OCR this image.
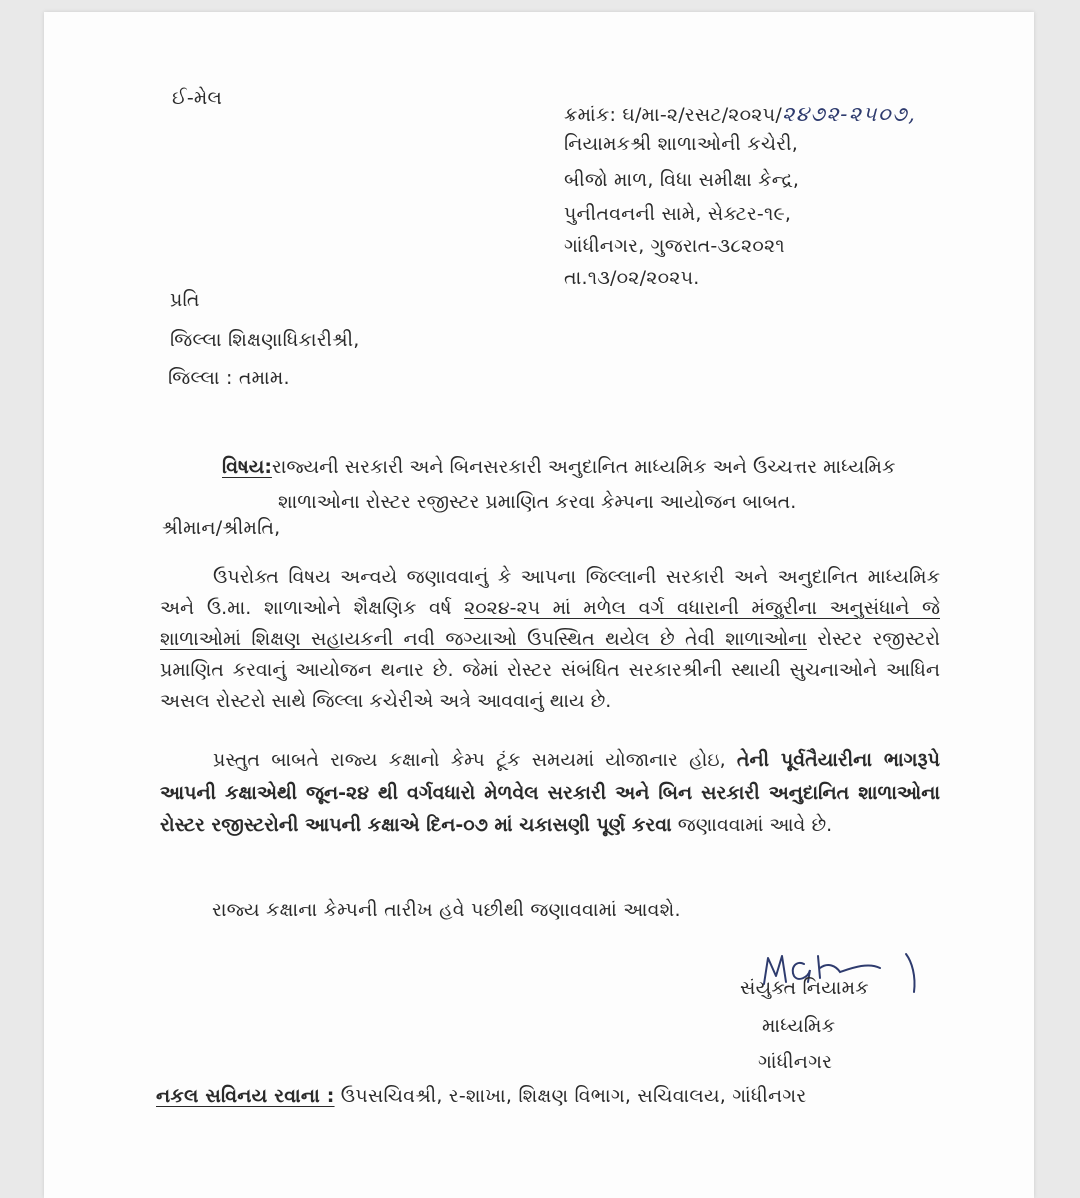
ઈ-મેલ
ક્રમાંક: ઘ/મા-૨/રસટ/૨૦૨૫/૨૪૭૨-૨૫૦૭,
નિયામકશ્રી શાળાઓની કચેરી,
બીજો માળ, વિધા સમીક્ષા કેન્દ્ર,
પુનીતવનની સામે, સેક્ટર-૧૯,
ગાંધીનગર, ગુજરાત-૩૮૨૦૨૧
તા.૧૩/૦૨/૨૦૨૫.
પ્રતિ
જિલ્લા શિક્ષણાધિકારીશ્રી,
જિલ્લા : તમામ.
વિષય:રાજ્યની સરકારી અને બિનસરકારી અનુદાનિત માધ્યમિક અને ઉચ્ચત્તર માધ્યમિક
શાળાઓના રોસ્ટર રજીસ્ટર પ્રમાણિત કરવા કેમ્પના આયોજન બાબત.
શ્રીમાન/શ્રીમતિ,
ઉપરોક્ત વિષય અન્વયે જણાવવાનું કે આપના જિલ્લાની સરકારી અને અનુદાનિત માધ્યમિક અને ઉ.મા. શાળાઓને શૈક્ષણિક વર્ષ ૨૦૨૪-૨૫ માં મળેલ વર્ગ વધારાની મંજુરીના અનુસંધાને જે શાળાઓમાં શિક્ષણ સહાયકની નવી જગ્યાઓ ઉપસ્થિત થયેલ છે તેવી શાળાઓના રોસ્ટર રજીસ્ટરો પ્રમાણિત કરવાનું આયોજન થનાર છે. જેમાં રોસ્ટર સંબંધિત સરકારશ્રીની સ્થાયી સુચનાઓને આધિન અસલ રોસ્ટરો સાથે જિલ્લા કચેરીએ અત્રે આવવાનું થાય છે.
પ્રસ્તુત બાબતે રાજ્ય કક્ષાનો કેમ્પ ટૂંક સમયમાં યોજાનાર હોઇ, તેની પૂર્વતૈયારીના ભાગરૂપે આપની કક્ષાએથી જૂન-૨૪ થી વર્ગવધારો મેળવેલ સરકારી અને બિન સરકારી અનુદાનિત શાળાઓના રોસ્ટર રજીસ્ટરોની આપની કક્ષાએ દિન-૦૭ માં ચકાસણી પૂર્ણ કરવા જણાવવામાં આવે છે.
રાજ્ય કક્ષાના કેમ્પની તારીખ હવે પછીથી જણાવવામાં આવશે.
સંયુક્ત નિયામક
માધ્યમિક
ગાંધીનગર
નકલ સવિનય રવાના : ઉપસચિવશ્રી, ર-શાખા, શિક્ષણ વિભાગ, સચિવાલય, ગાંધીનગર
